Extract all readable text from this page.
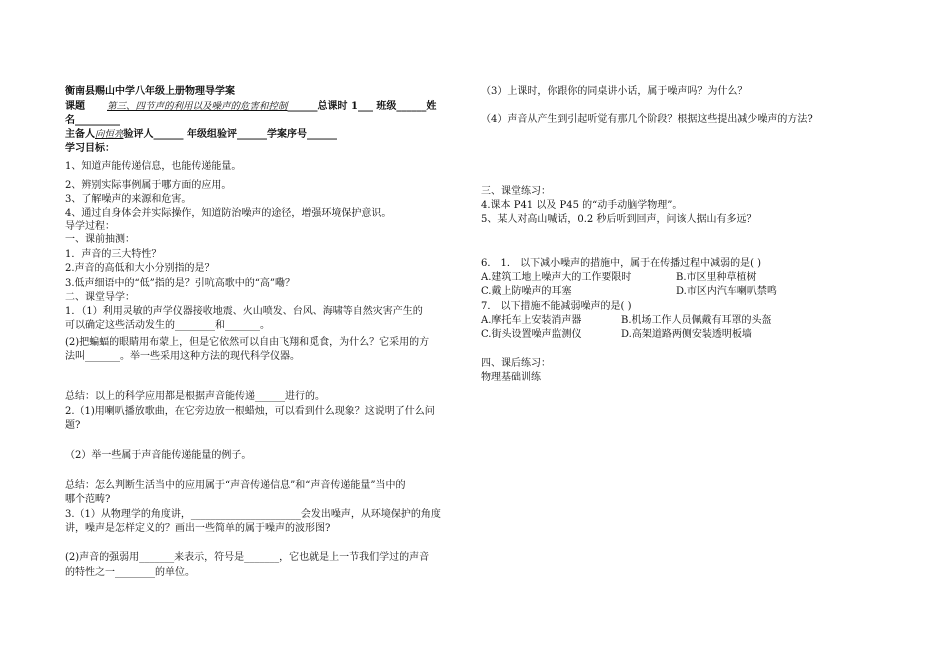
衡南县赐山中学八年级上册物理导学案
课题 第三、四节声的利用以及噪声的危害和控制______总课时 1___ 班级______姓
名_________
主备人向恒亮验评人______ 年级组验评______学案序号______
学习目标：
1、知道声能传递信息，也能传递能量。
2、辨别实际事例属于哪方面的应用。
3、了解噪声的来源和危害。
4、通过自身体会并实际操作，知道防治噪声的途径，增强环境保护意识。
导学过程：
一、课前抽测：
1．声音的三大特性？
2.声音的高低和大小分别指的是？
3.低声细语中的“低”指的是？引吭高歌中的“高”嘞？
二、课堂导学：
1．（1）利用灵敏的声学仪器接收地震、火山喷发、台风、海啸等自然灾害产生的
可以确定这些活动发生的________和_______。
(2)把蝙蝠的眼睛用布蒙上，但是它依然可以自由飞翔和觅食，为什么？它采用的方
法叫_______。举一些采用这种方法的现代科学仪器。
总结：以上的科学应用都是根据声音能传递______进行的。
2.（1)用喇叭播放歌曲，在它旁边放一根蜡烛，可以看到什么现象？这说明了什么问
题?
（2）举一些属于声音能传递能量的例子。
总结：怎么判断生活当中的应用属于“声音传递信息”和“声音传递能量”当中的
哪个范畴?
3.（1）从物理学的角度讲，______________________会发出噪声，从环境保护的角度
讲，噪声是怎样定义的？画出一些简单的属于噪声的波形图?
(2)声音的强弱用_______来表示，符号是_______，它也就是上一节我们学过的声音
的特性之一________的单位。
（3）上课时，你跟你的同桌讲小话，属于噪声吗？为什么？
（4）声音从产生到引起听觉有那几个阶段？根据这些提出减少噪声的方法?
三、课堂练习：
4.课本 P41 以及 P45 的“动手动脑学物理”。
5、某人对高山喊话，0.2 秒后听到回声，问该人据山有多远？
6． 1． 以下减小噪声的措施中，属于在传播过程中减弱的是( )
A.建筑工地上噪声大的工作要限时	B.市区里种草植树
C.戴上防噪声的耳塞	D.市区内汽车喇叭禁鸣
7． 以下措施不能减弱噪声的是( )
A.摩托车上安装消声器	B.机场工作人员佩戴有耳罩的头盔
C.街头设置噪声监测仪	D.高架道路两侧安装透明板墙
四、课后练习：
物理基础训练
